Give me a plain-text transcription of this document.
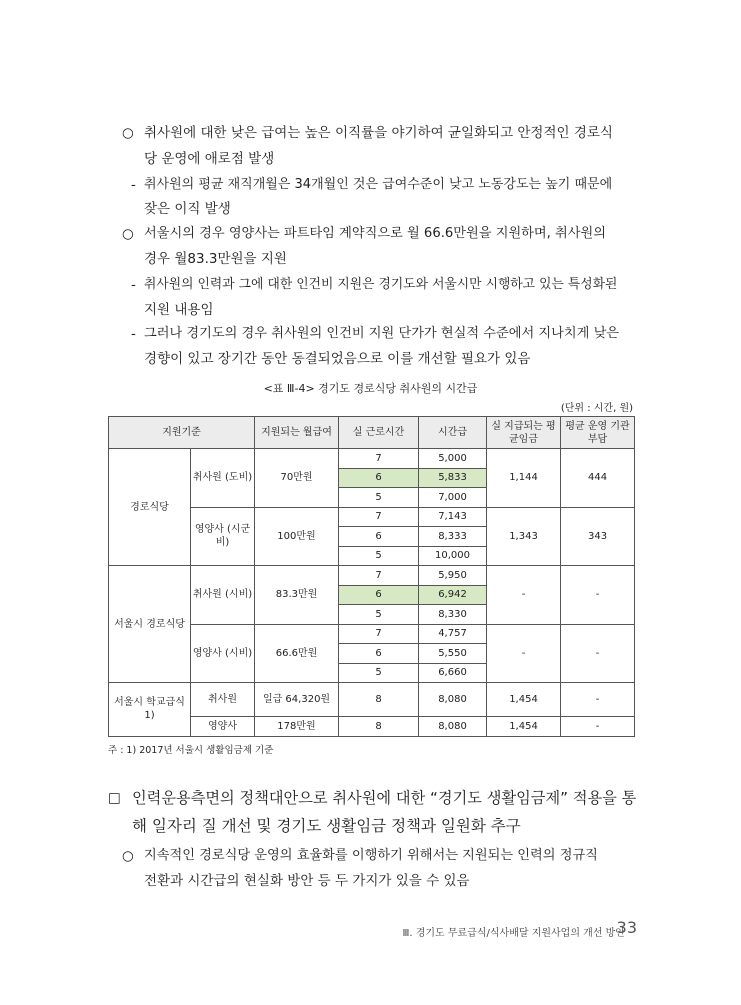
○ 취사원에 대한 낮은 급여는 높은 이직률을 야기하여 균일화되고 안정적인 경로식
당 운영에 애로점 발생
- 취사원의 평균 재직개월은 34개월인 것은 급여수준이 낮고 노동강도는 높기 때문에
잦은 이직 발생
○ 서울시의 경우 영양사는 파트타임 계약직으로 월 66.6만원을 지원하며, 취사원의
경우 월83.3만원을 지원
- 취사원의 인력과 그에 대한 인건비 지원은 경기도와 서울시만 시행하고 있는 특성화된
지원 내용임
- 그러나 경기도의 경우 취사원의 인건비 지원 단가가 현실적 수준에서 지나치게 낮은
경향이 있고 장기간 동안 동결되었음으로 이를 개선할 필요가 있음
<표 Ⅲ-4> 경기도 경로식당 취사원의 시간급
(단위 : 시간, 원)
지원기준		지원되는 월급여	실 근로시간	시간급	실 지급되는 평균임금	평균 운영 기관부담
경로식당	취사원 (도비)	70만원	7	5,000	1,144	444
			6	5,833		
			5	7,000		
	영양사 (시군비)	100만원	7	7,143	1,343	343
			6	8,333		
			5	10,000		
서울시 경로식당	취사원 (시비)	83.3만원	7	5,950	-	-
			6	6,942		
			5	8,330		
	영양사 (시비)	66.6만원	7	4,757	-	-
			6	5,550		
			5	6,660		
서울시 학교급식1)	취사원	일급 64,320원	8	8,080	1,454	-
	영양사	178만원	8	8,080	1,454	-
주 : 1) 2017년 서울시 생활임금제 기준
□ 인력운용측면의 정책대안으로 취사원에 대한 “경기도 생활임금제” 적용을 통
해 일자리 질 개선 및 경기도 생활임금 정책과 일원화 추구
○ 지속적인 경로식당 운영의 효율화를 이행하기 위해서는 지원되는 인력의 정규직
전환과 시간급의 현실화 방안 등 두 가지가 있을 수 있음
Ⅲ. 경기도 무료급식/식사배달 지원사업의 개선 방안
33
